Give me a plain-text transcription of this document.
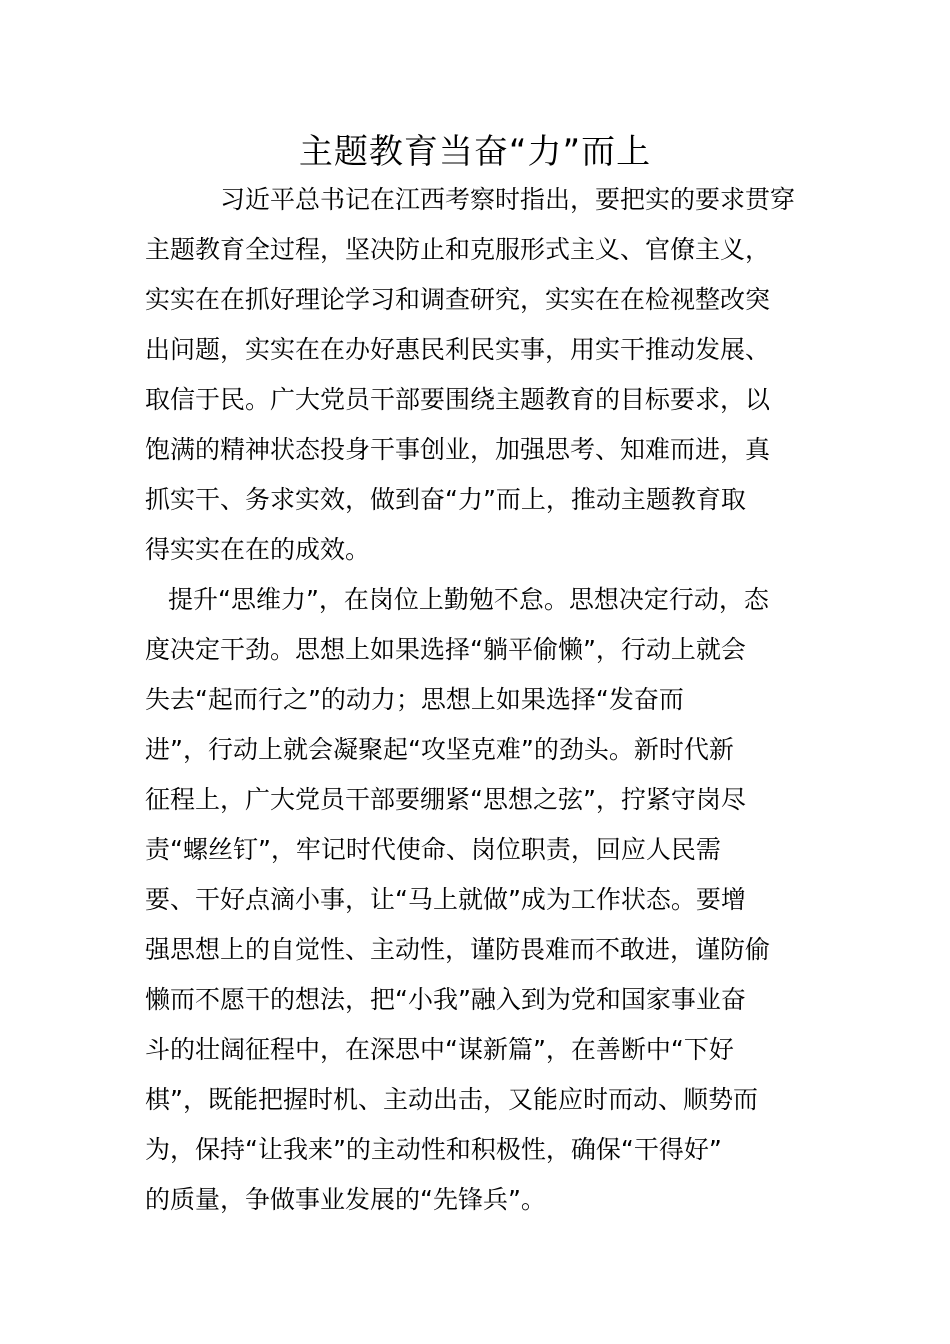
主题教育当奋“力”而上
习近平总书记在江西考察时指出，要把实的要求贯穿
主题教育全过程，坚决防止和克服形式主义、官僚主义，
实实在在抓好理论学习和调查研究，实实在在检视整改突
出问题，实实在在办好惠民利民实事，用实干推动发展、
取信于民。广大党员干部要围绕主题教育的目标要求，以
饱满的精神状态投身干事创业，加强思考、知难而进，真
抓实干、务求实效，做到奋“力”而上，推动主题教育取
得实实在在的成效。
提升“思维力”，在岗位上勤勉不怠。思想决定行动，态
度决定干劲。思想上如果选择“躺平偷懒”，行动上就会
失去“起而行之”的动力；思想上如果选择“发奋而
进”，行动上就会凝聚起“攻坚克难”的劲头。新时代新
征程上，广大党员干部要绷紧“思想之弦”，拧紧守岗尽
责“螺丝钉”，牢记时代使命、岗位职责，回应人民需
要、干好点滴小事，让“马上就做”成为工作状态。要增
强思想上的自觉性、主动性，谨防畏难而不敢进，谨防偷
懒而不愿干的想法，把“小我”融入到为党和国家事业奋
斗的壮阔征程中，在深思中“谋新篇”，在善断中“下好
棋”，既能把握时机、主动出击，又能应时而动、顺势而
为，保持“让我来”的主动性和积极性，确保“干得好”
的质量，争做事业发展的“先锋兵”。
